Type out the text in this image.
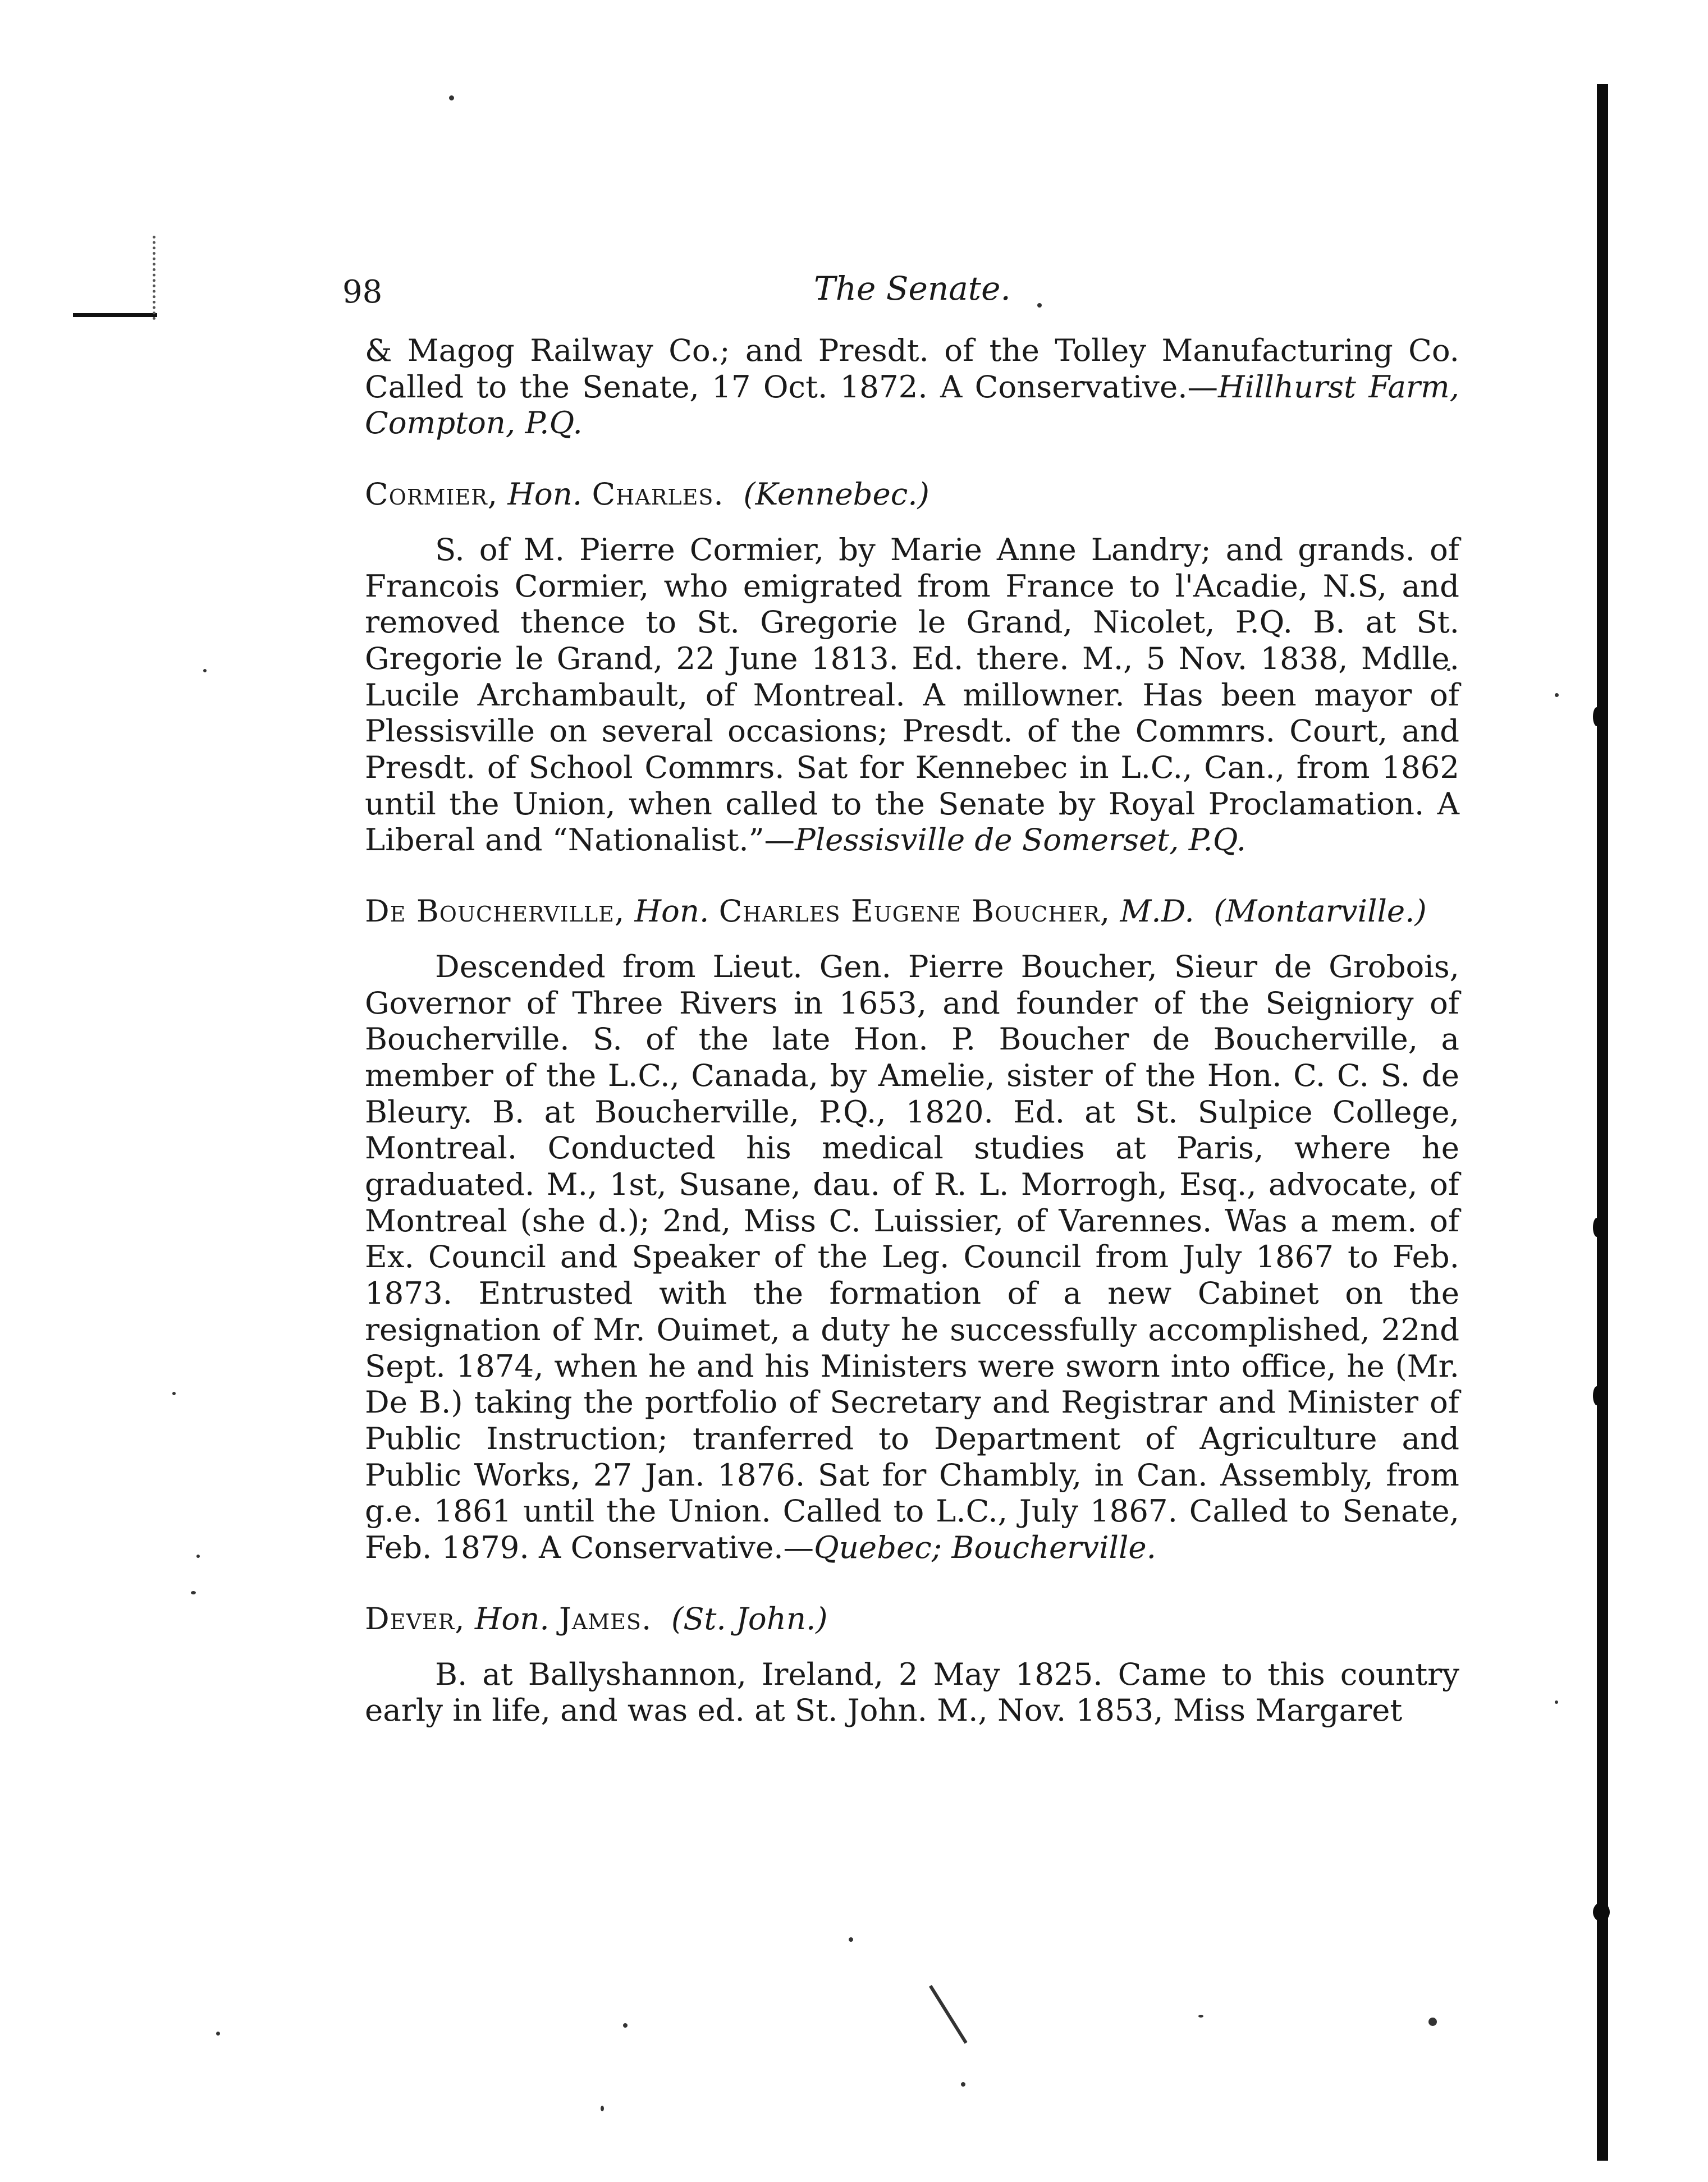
98	The Senate.

& Magog Railway Co.; and Presdt. of the Tolley Manufacturing Co. Called to the Senate, 17 Oct. 1872. A Conservative.—Hillhurst Farm, Compton, P.Q.

Cormier, Hon. Charles. (Kennebec.)

S. of M. Pierre Cormier, by Marie Anne Landry; and grands. of Francois Cormier, who emigrated from France to l'Acadie, N.S, and removed thence to St. Gregorie le Grand, Nicolet, P.Q. B. at St. Gregorie le Grand, 22 June 1813. Ed. there. M., 5 Nov. 1838, Mdlle. Lucile Archambault, of Montreal. A millowner. Has been mayor of Plessisville on several occasions; Presdt. of the Commrs. Court, and Presdt. of School Commrs. Sat for Kennebec in L.C., Can., from 1862 until the Union, when called to the Senate by Royal Proclamation. A Liberal and “Nationalist.”—Plessisville de Somerset, P.Q.

De Boucherville, Hon. Charles Eugene Boucher, M.D. (Montarville.)

Descended from Lieut. Gen. Pierre Boucher, Sieur de Grobois, Governor of Three Rivers in 1653, and founder of the Seigniory of Boucherville. S. of the late Hon. P. Boucher de Boucherville, a member of the L.C., Canada, by Amelie, sister of the Hon. C. C. S. de Bleury. B. at Boucherville, P.Q., 1820. Ed. at St. Sulpice College, Montreal. Conducted his medical studies at Paris, where he graduated. M., 1st, Susane, dau. of R. L. Morrogh, Esq., advocate, of Montreal (she d.); 2nd, Miss C. Luissier, of Varennes. Was a mem. of Ex. Council and Speaker of the Leg. Council from July 1867 to Feb. 1873. Entrusted with the formation of a new Cabinet on the resignation of Mr. Ouimet, a duty he successfully accomplished, 22nd Sept. 1874, when he and his Ministers were sworn into office, he (Mr. De B.) taking the portfolio of Secretary and Registrar and Minister of Public Instruction; tranferred to Department of Agriculture and Public Works, 27 Jan. 1876. Sat for Chambly, in Can. Assembly, from g.e. 1861 until the Union. Called to L.C., July 1867. Called to Senate, Feb. 1879. A Conservative.—Quebec; Boucherville.

Dever, Hon. James. (St. John.)

B. at Ballyshannon, Ireland, 2 May 1825. Came to this country early in life, and was ed. at St. John. M., Nov. 1853, Miss Margaret
